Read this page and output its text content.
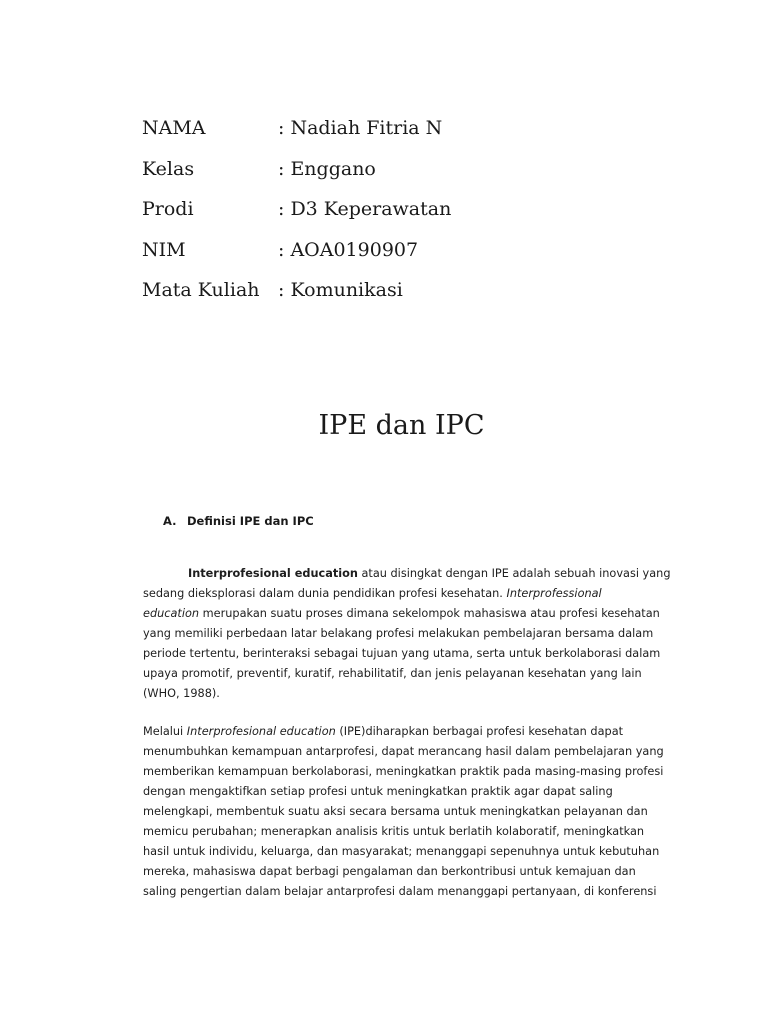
NAMA	: Nadiah Fitria N
Kelas	: Enggano
Prodi	: D3 Keperawatan
NIM	: AOA0190907
Mata Kuliah : Komunikasi
IPE dan IPC
A. Definisi IPE dan IPC
Interprofesional education atau disingkat dengan IPE adalah sebuah inovasi yang
sedang dieksplorasi dalam dunia pendidikan profesi kesehatan. Interprofessional
education merupakan suatu proses dimana sekelompok mahasiswa atau profesi kesehatan
yang memiliki perbedaan latar belakang profesi melakukan pembelajaran bersama dalam
periode tertentu, berinteraksi sebagai tujuan yang utama, serta untuk berkolaborasi dalam
upaya promotif, preventif, kuratif, rehabilitatif, dan jenis pelayanan kesehatan yang lain
(WHO, 1988).
Melalui Interprofesional education (IPE)diharapkan berbagai profesi kesehatan dapat
menumbuhkan kemampuan antarprofesi, dapat merancang hasil dalam pembelajaran yang
memberikan kemampuan berkolaborasi, meningkatkan praktik pada masing-masing profesi
dengan mengaktifkan setiap profesi untuk meningkatkan praktik agar dapat saling
melengkapi, membentuk suatu aksi secara bersama untuk meningkatkan pelayanan dan
memicu perubahan; menerapkan analisis kritis untuk berlatih kolaboratif, meningkatkan
hasil untuk individu, keluarga, dan masyarakat; menanggapi sepenuhnya untuk kebutuhan
mereka, mahasiswa dapat berbagi pengalaman dan berkontribusi untuk kemajuan dan
saling pengertian dalam belajar antarprofesi dalam menanggapi pertanyaan, di konferensi
